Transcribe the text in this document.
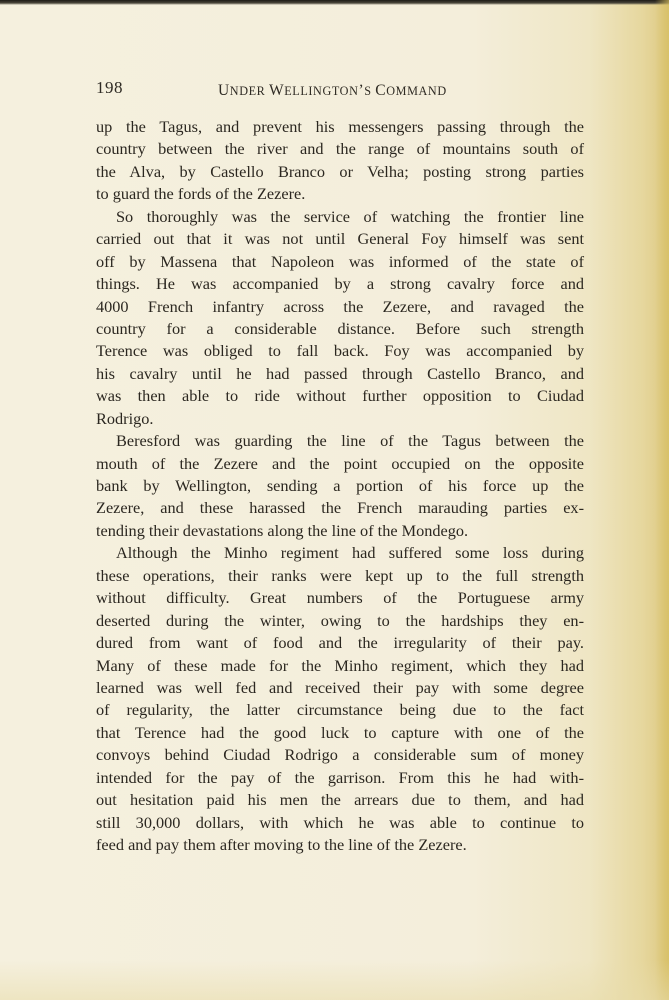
198	UNDER WELLINGTON’S COMMAND

up the Tagus, and prevent his messengers passing through the
country between the river and the range of mountains south of
the Alva, by Castello Branco or Velha; posting strong parties
to guard the fords of the Zezere.

So thoroughly was the service of watching the frontier line
carried out that it was not until General Foy himself was sent
off by Massena that Napoleon was informed of the state of
things. He was accompanied by a strong cavalry force and
4000 French infantry across the Zezere, and ravaged the
country for a considerable distance. Before such strength
Terence was obliged to fall back. Foy was accompanied by
his cavalry until he had passed through Castello Branco, and
was then able to ride without further opposition to Ciudad
Rodrigo.

Beresford was guarding the line of the Tagus between the
mouth of the Zezere and the point occupied on the opposite
bank by Wellington, sending a portion of his force up the
Zezere, and these harassed the French marauding parties ex-
tending their devastations along the line of the Mondego.

Although the Minho regiment had suffered some loss during
these operations, their ranks were kept up to the full strength
without difficulty. Great numbers of the Portuguese army
deserted during the winter, owing to the hardships they en-
dured from want of food and the irregularity of their pay.
Many of these made for the Minho regiment, which they had
learned was well fed and received their pay with some degree
of regularity, the latter circumstance being due to the fact
that Terence had the good luck to capture with one of the
convoys behind Ciudad Rodrigo a considerable sum of money
intended for the pay of the garrison. From this he had with-
out hesitation paid his men the arrears due to them, and had
still 30,000 dollars, with which he was able to continue to
feed and pay them after moving to the line of the Zezere.
